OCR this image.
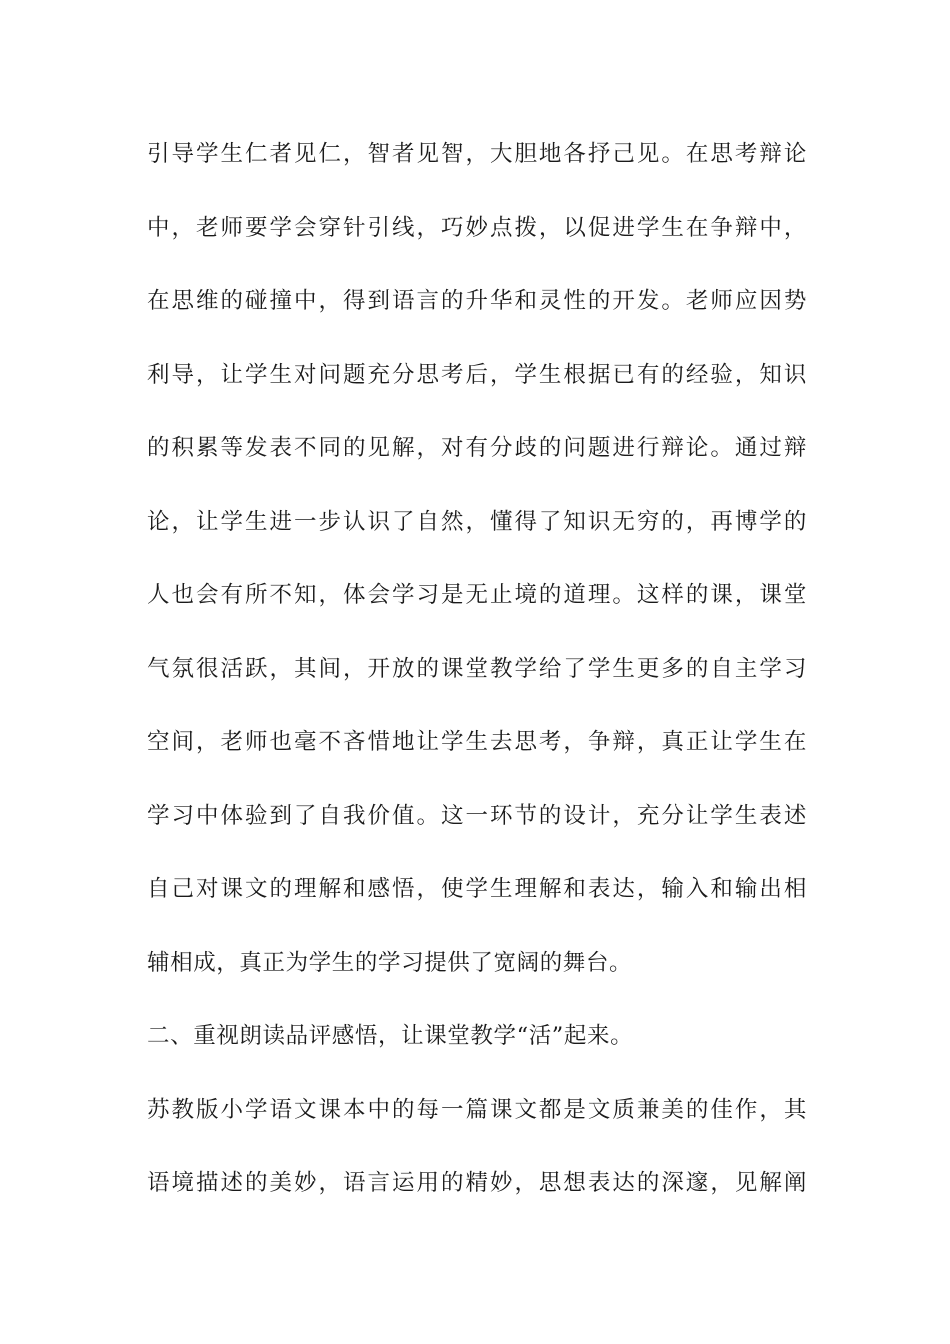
引导学生仁者见仁，智者见智，大胆地各抒己见。在思考辩论
中，老师要学会穿针引线，巧妙点拨，以促进学生在争辩中，
在思维的碰撞中，得到语言的升华和灵性的开发。老师应因势
利导，让学生对问题充分思考后，学生根据已有的经验，知识
的积累等发表不同的见解，对有分歧的问题进行辩论。通过辩
论，让学生进一步认识了自然，懂得了知识无穷的，再博学的
人也会有所不知，体会学习是无止境的道理。这样的课，课堂
气氛很活跃，其间，开放的课堂教学给了学生更多的自主学习
空间，老师也毫不吝惜地让学生去思考，争辩，真正让学生在
学习中体验到了自我价值。这一环节的设计，充分让学生表述
自己对课文的理解和感悟，使学生理解和表达，输入和输出相
辅相成，真正为学生的学习提供了宽阔的舞台。
二、重视朗读品评感悟，让课堂教学“活”起来。
苏教版小学语文课本中的每一篇课文都是文质兼美的佳作，其
语境描述的美妙，语言运用的精妙，思想表达的深邃，见解阐
